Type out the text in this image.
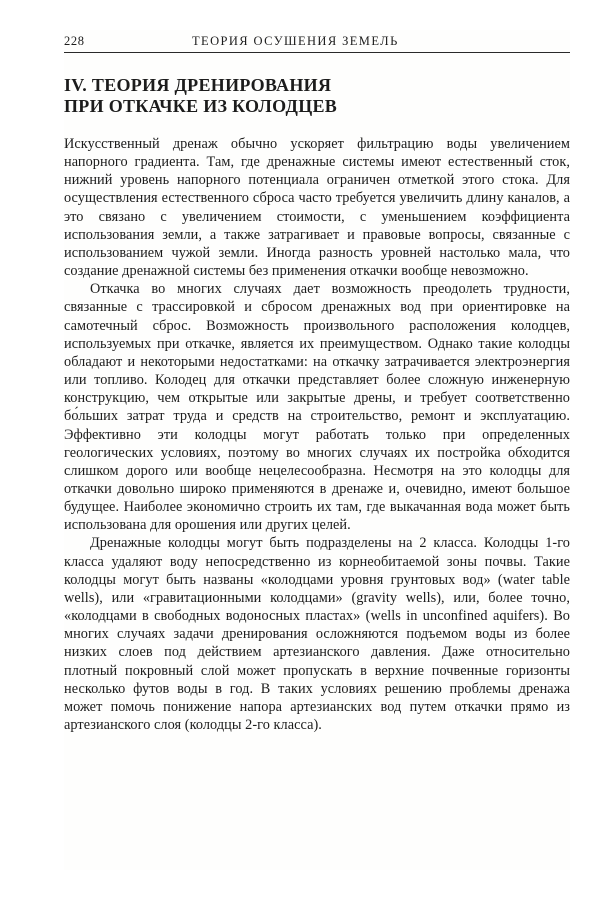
228	ТЕОРИЯ ОСУШЕНИЯ ЗЕМЕЛЬ
IV. ТЕОРИЯ ДРЕНИРОВАНИЯ
ПРИ ОТКАЧКЕ ИЗ КОЛОДЦЕВ

Искусственный дренаж обычно ускоряет фильтрацию воды увеличением напорного градиента. Там, где дренажные системы имеют естественный сток, нижний уровень напорного потенциала ограничен отметкой этого стока. Для осуществления естественного сброса часто требуется увеличить длину каналов, а это связано с увеличением стоимости, с уменьшением коэффициента использования земли, а также затрагивает и правовые вопросы, связанные с использованием чужой земли. Иногда разность уровней настолько мала, что создание дренажной системы без применения откачки вообще невозможно.

Откачка во многих случаях дает возможность преодолеть трудности, связанные с трассировкой и сбросом дренажных вод при ориентировке на самотечный сброс. Возможность произвольного расположения колодцев, используемых при откачке, является их преимуществом. Однако такие колодцы обладают и некоторыми недостатками: на откачку затрачивается электроэнергия или топливо. Колодец для откачки представляет более сложную инженерную конструкцию, чем открытые или закрытые дрены, и требует соответственно бо́льших затрат труда и средств на строительство, ремонт и эксплуатацию. Эффективно эти колодцы могут работать только при определенных геологических условиях, поэтому во многих случаях их постройка обходится слишком дорого или вообще нецелесообразна. Несмотря на это колодцы для откачки довольно широко применяются в дренаже и, очевидно, имеют большое будущее. Наиболее экономично строить их там, где выкачанная вода может быть использована для орошения или других целей.

Дренажные колодцы могут быть подразделены на 2 класса. Колодцы 1-го класса удаляют воду непосредственно из корнеобитаемой зоны почвы. Такие колодцы могут быть названы «колодцами уровня грунтовых вод» (water table wells), или «гравитационными колодцами» (gravity wells), или, более точно, «колодцами в свободных водоносных пластах» (wells in unconfined aquifers). Во многих случаях задачи дренирования осложняются подъемом воды из более низких слоев под действием артезианского давления. Даже относительно плотный покровный слой может пропускать в верхние почвенные горизонты несколько футов воды в год. В таких условиях решению проблемы дренажа может помочь понижение напора артезианских вод путем откачки прямо из артезианского слоя (колодцы 2-го класса).
